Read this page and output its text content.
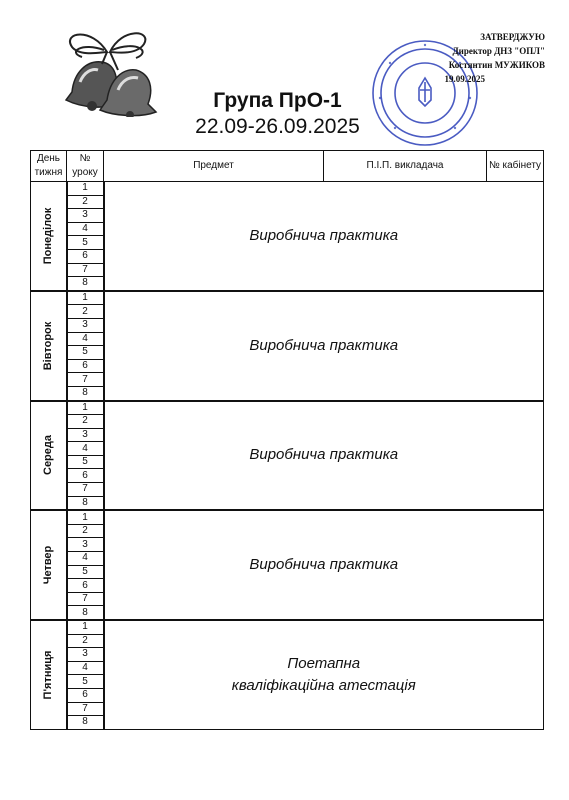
ЗАТВЕРДЖУЮ
Директор ДНЗ "ОПЛ"
Костянтин МУЖИКОВ
19.09.2025
Група ПрО-1
22.09-26.09.2025
День тижня	№ уроку	Предмет	П.І.П. викладача	№ кабінету

Понеділок	1	Виробнича практика		
	2			
	3			
	4			
	5			
	6			
	7			
	8			

Вівторок	1	Виробнича практика		
	2			
	3			
	4			
	5			
	6			
	7			
	8			

Середа	1	Виробнича практика		
	2			
	3			
	4			
	5			
	6			
	7			
	8			

Четвер	1	Виробнича практика		
	2			
	3			
	4			
	5			
	6			
	7			
	8			

П'ятниця	1	Поетапна
кваліфікаційна атестація		

	2			
	3			
	4			
	5			
	6			
	7			
	8			
